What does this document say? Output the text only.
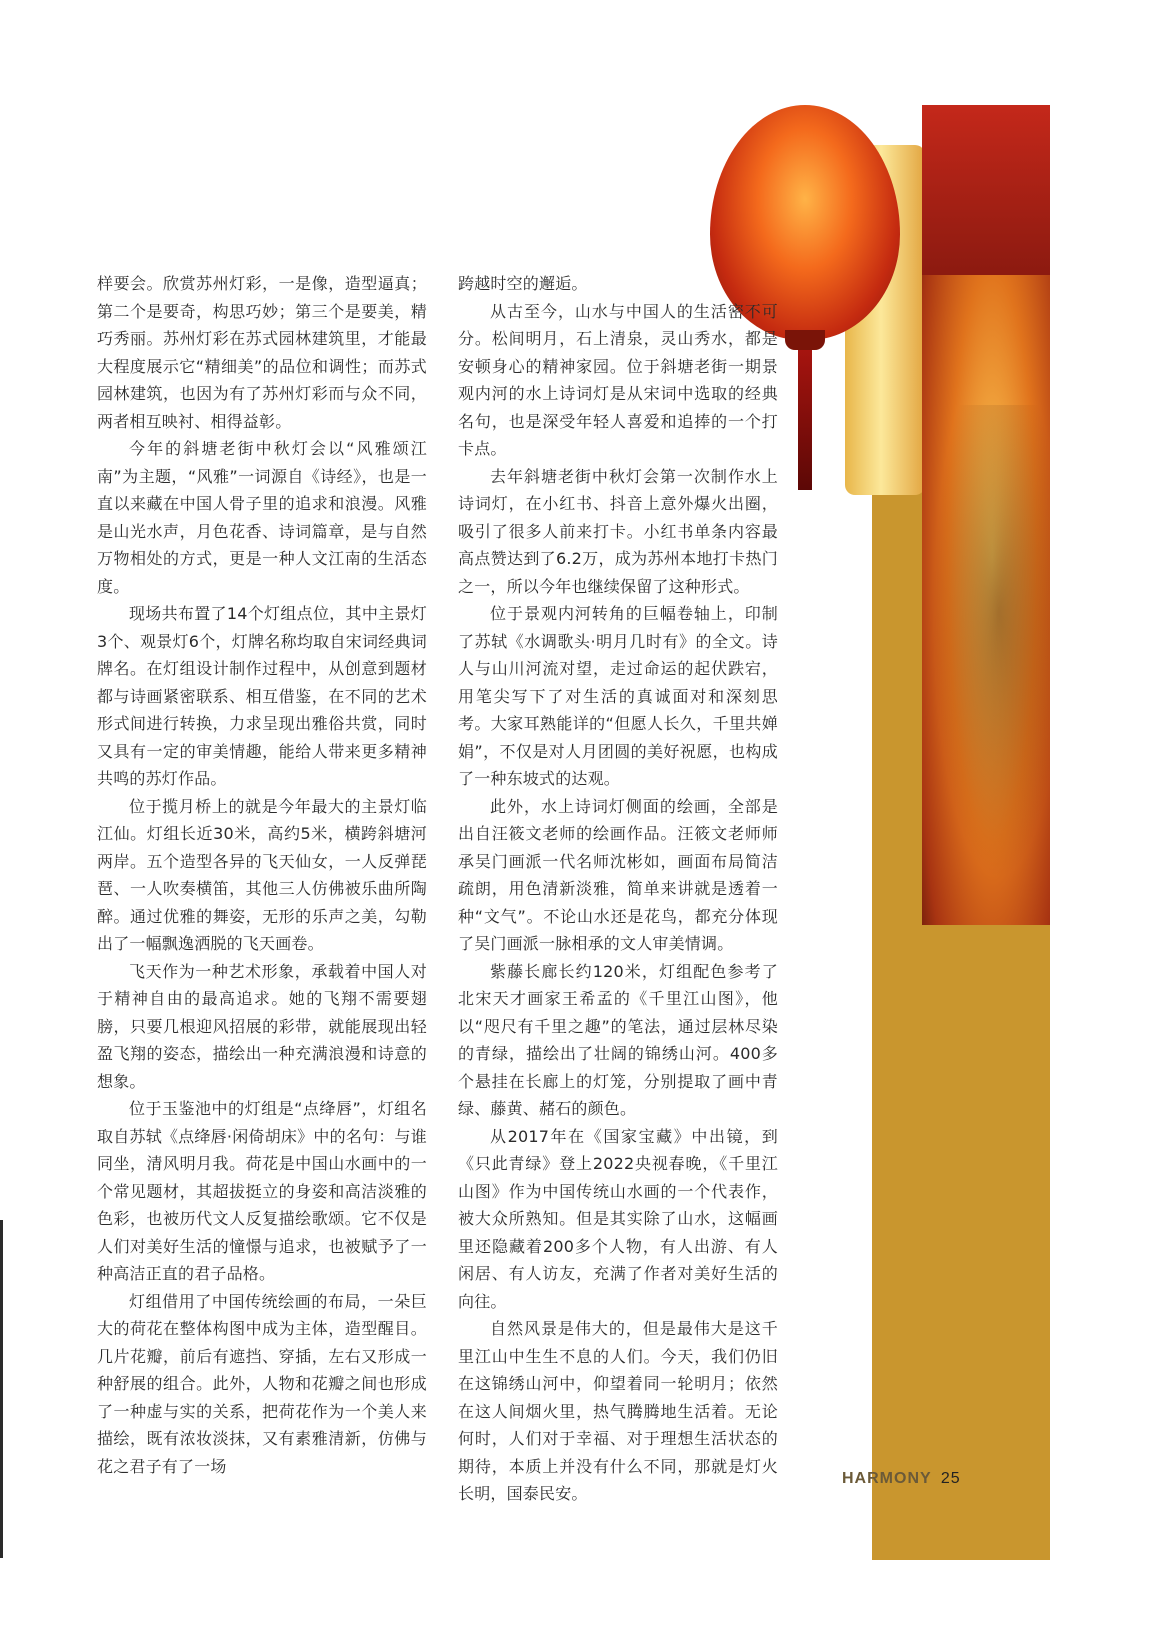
样要会。欣赏苏州灯彩，一是像，造型逼真；第二个是要奇，构思巧妙；第三个是要美，精巧秀丽。苏州灯彩在苏式园林建筑里，才能最大程度展示它“精细美”的品位和调性；而苏式园林建筑，也因为有了苏州灯彩而与众不同，两者相互映衬、相得益彰。

今年的斜塘老街中秋灯会以“风雅颂江南”为主题，“风雅”一词源自《诗经》，也是一直以来藏在中国人骨子里的追求和浪漫。风雅是山光水声，月色花香、诗词篇章，是与自然万物相处的方式，更是一种人文江南的生活态度。

现场共布置了14个灯组点位，其中主景灯3个、观景灯6个，灯牌名称均取自宋词经典词牌名。在灯组设计制作过程中，从创意到题材都与诗画紧密联系、相互借鉴，在不同的艺术形式间进行转换，力求呈现出雅俗共赏，同时又具有一定的审美情趣，能给人带来更多精神共鸣的苏灯作品。

位于揽月桥上的就是今年最大的主景灯临江仙。灯组长近30米，高约5米，横跨斜塘河两岸。五个造型各异的飞天仙女，一人反弹琵琶、一人吹奏横笛，其他三人仿佛被乐曲所陶醉。通过优雅的舞姿，无形的乐声之美，勾勒出了一幅飘逸洒脱的飞天画卷。

飞天作为一种艺术形象，承载着中国人对于精神自由的最高追求。她的飞翔不需要翅膀，只要几根迎风招展的彩带，就能展现出轻盈飞翔的姿态，描绘出一种充满浪漫和诗意的想象。

位于玉鉴池中的灯组是“点绛唇”，灯组名取自苏轼《点绛唇·闲倚胡床》中的名句：与谁同坐，清风明月我。荷花是中国山水画中的一个常见题材，其超拔挺立的身姿和高洁淡雅的色彩，也被历代文人反复描绘歌颂。它不仅是人们对美好生活的憧憬与追求，也被赋予了一种高洁正直的君子品格。

灯组借用了中国传统绘画的布局，一朵巨大的荷花在整体构图中成为主体，造型醒目。几片花瓣，前后有遮挡、穿插，左右又形成一种舒展的组合。此外，人物和花瓣之间也形成了一种虚与实的关系，把荷花作为一个美人来描绘，既有浓妆淡抹，又有素雅清新，仿佛与花之君子有了一场

跨越时空的邂逅。

从古至今，山水与中国人的生活密不可分。松间明月，石上清泉，灵山秀水，都是安顿身心的精神家园。位于斜塘老街一期景观内河的水上诗词灯是从宋词中选取的经典名句，也是深受年轻人喜爱和追捧的一个打卡点。

去年斜塘老街中秋灯会第一次制作水上诗词灯，在小红书、抖音上意外爆火出圈，吸引了很多人前来打卡。小红书单条内容最高点赞达到了6.2万，成为苏州本地打卡热门之一，所以今年也继续保留了这种形式。

位于景观内河转角的巨幅卷轴上，印制了苏轼《水调歌头·明月几时有》的全文。诗人与山川河流对望，走过命运的起伏跌宕，用笔尖写下了对生活的真诚面对和深刻思考。大家耳熟能详的“但愿人长久，千里共婵娟”，不仅是对人月团圆的美好祝愿，也构成了一种东坡式的达观。

此外，水上诗词灯侧面的绘画，全部是出自汪筱文老师的绘画作品。汪筱文老师师承吴门画派一代名师沈彬如，画面布局简洁疏朗，用色清新淡雅，简单来讲就是透着一种“文气”。不论山水还是花鸟，都充分体现了吴门画派一脉相承的文人审美情调。

紫藤长廊长约120米，灯组配色参考了北宋天才画家王希孟的《千里江山图》，他以“咫尺有千里之趣”的笔法，通过层林尽染的青绿，描绘出了壮阔的锦绣山河。400多个悬挂在长廊上的灯笼，分别提取了画中青绿、藤黄、赭石的颜色。

从2017年在《国家宝藏》中出镜，到《只此青绿》登上2022央视春晚，《千里江山图》作为中国传统山水画的一个代表作，被大众所熟知。但是其实除了山水，这幅画里还隐藏着200多个人物，有人出游、有人闲居、有人访友，充满了作者对美好生活的向往。

自然风景是伟大的，但是最伟大是这千里江山中生生不息的人们。今天，我们仍旧在这锦绣山河中，仰望着同一轮明月；依然在这人间烟火里，热气腾腾地生活着。无论何时，人们对于幸福、对于理想生活状态的期待，本质上并没有什么不同，那就是灯火长明，国泰民安。

HARMONY 25
